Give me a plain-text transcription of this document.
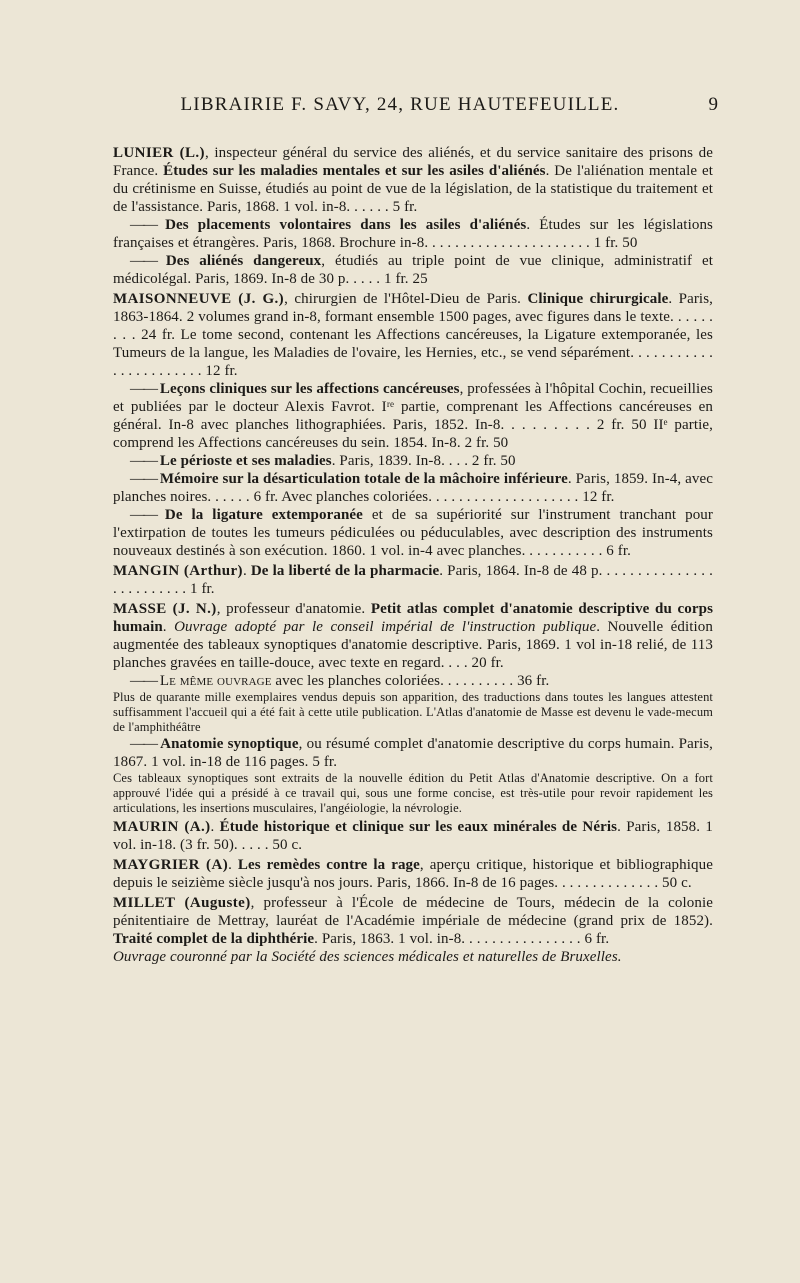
LIBRAIRIE F. SAVY, 24, RUE HAUTEFEUILLE.	9

LUNIER (L.), inspecteur général du service des aliénés, et du service sanitaire des prisons de France. Études sur les maladies mentales et sur les asiles d'aliénés. De l'aliénation mentale et du crétinisme en Suisse, étudiés au point de vue de la législation, de la statistique du traitement et de l'assistance. Paris, 1868. 1 vol. in-8. . . . . . 5 fr.

—— Des placements volontaires dans les asiles d'aliénés. Études sur les législations françaises et étrangères. Paris, 1868. Brochure in-8. . . . . . . . . . . . . . . . . . . . . . 1 fr. 50

—— Des aliénés dangereux, étudiés au triple point de vue clinique, administratif et médicolégal. Paris, 1869. In-8 de 30 p. . . . . 1 fr. 25

MAISONNEUVE (J. G.), chirurgien de l'Hôtel-Dieu de Paris. Clinique chirurgicale. Paris, 1863-1864. 2 volumes grand in-8, formant ensemble 1500 pages, avec figures dans le texte. . . . . . . . . 24 fr. Le tome second, contenant les Affections cancéreuses, la Ligature extemporanée, les Tumeurs de la langue, les Maladies de l'ovaire, les Hernies, etc., se vend séparément. . . . . . . . . . . . . . . . . . . . . . . 12 fr.

—— Leçons cliniques sur les affections cancéreuses, professées à l'hôpital Cochin, recueillies et publiées par le docteur Alexis Favrot. Iʳᵉ partie, comprenant les Affections cancéreuses en général. In-8 avec planches lithographiées. Paris, 1852. In-8. . . . . . . . . 2 fr. 50 IIᵉ partie, comprend les Affections cancéreuses du sein. 1854. In-8. 2 fr. 50

—— Le périoste et ses maladies. Paris, 1839. In-8. . . . 2 fr. 50

—— Mémoire sur la désarticulation totale de la mâchoire inférieure. Paris, 1859. In-4, avec planches noires. . . . . . 6 fr. Avec planches coloriées. . . . . . . . . . . . . . . . . . . . 12 fr.

—— De la ligature extemporanée et de sa supériorité sur l'instrument tranchant pour l'extirpation de toutes les tumeurs pédiculées ou péduculables, avec description des instruments nouveaux destinés à son exécution. 1860. 1 vol. in-4 avec planches. . . . . . . . . . . 6 fr.

MANGIN (Arthur). De la liberté de la pharmacie. Paris, 1864. In-8 de 48 p. . . . . . . . . . . . . . . . . . . . . . . . . 1 fr.

MASSE (J. N.), professeur d'anatomie. Petit atlas complet d'anatomie descriptive du corps humain. Ouvrage adopté par le conseil impérial de l'instruction publique. Nouvelle édition augmentée des tableaux synoptiques d'anatomie descriptive. Paris, 1869. 1 vol in-18 relié, de 113 planches gravées en taille-douce, avec texte en regard. . . . 20 fr.

—— Le même ouvrage avec les planches coloriées. . . . . . . . . . 36 fr.

Plus de quarante mille exemplaires vendus depuis son apparition, des traductions dans toutes les langues attestent suffisamment l'accueil qui a été fait à cette utile publication. L'Atlas d'anatomie de Masse est devenu le vade-mecum de l'amphithéâtre

—— Anatomie synoptique, ou résumé complet d'anatomie descriptive du corps humain. Paris, 1867. 1 vol. in-18 de 116 pages. 5 fr.

Ces tableaux synoptiques sont extraits de la nouvelle édition du Petit Atlas d'Anatomie descriptive. On a fort approuvé l'idée qui a présidé à ce travail qui, sous une forme concise, est très-utile pour revoir rapidement les articulations, les insertions musculaires, l'angéiologie, la névrologie.

MAURIN (A.). Étude historique et clinique sur les eaux minérales de Néris. Paris, 1858. 1 vol. in-18. (3 fr. 50). . . . . 50 c.

MAYGRIER (A). Les remèdes contre la rage, aperçu critique, historique et bibliographique depuis le seizième siècle jusqu'à nos jours. Paris, 1866. In-8 de 16 pages. . . . . . . . . . . . . . 50 c.

MILLET (Auguste), professeur à l'École de médecine de Tours, médecin de la colonie pénitentiaire de Mettray, lauréat de l'Académie impériale de médecine (grand prix de 1852). Traité complet de la diphthérie. Paris, 1863. 1 vol. in-8. . . . . . . . . . . . . . . . 6 fr.

Ouvrage couronné par la Société des sciences médicales et naturelles de Bruxelles.
